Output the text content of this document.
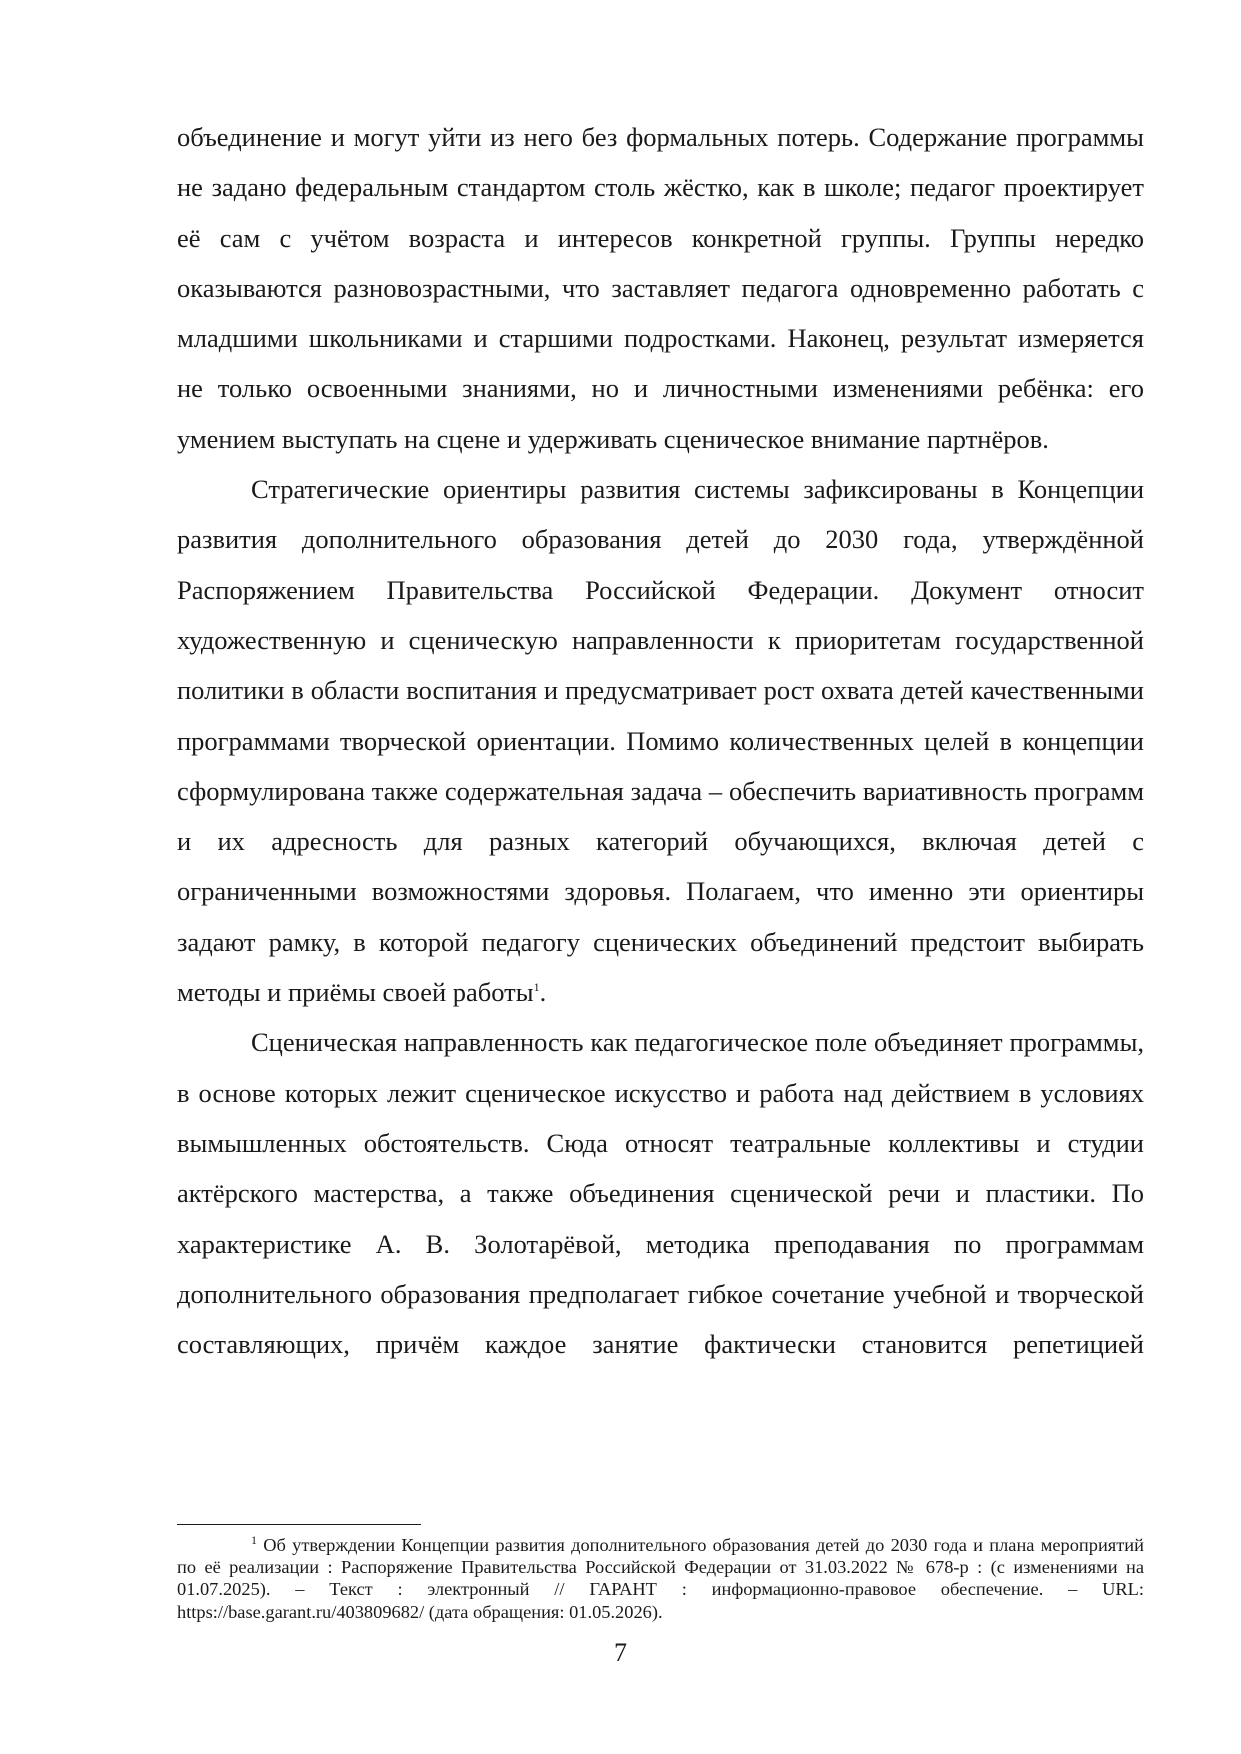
объединение и могут уйти из него без формальных потерь. Содержание программы не задано федеральным стандартом столь жёстко, как в школе; педагог проектирует её сам с учётом возраста и интересов конкретной группы. Группы нередко оказываются разновозрастными, что заставляет педагога одновременно работать с младшими школьниками и старшими подростками. Наконец, результат измеряется не только освоенными знаниями, но и личностными изменениями ребёнка: его умением выступать на сцене и удерживать сценическое внимание партнёров.

Стратегические ориентиры развития системы зафиксированы в Концепции развития дополнительного образования детей до 2030 года, утверждённой Распоряжением Правительства Российской Федерации. Документ относит художественную и сценическую направленности к приоритетам государственной политики в области воспитания и предусматривает рост охвата детей качественными программами творческой ориентации. Помимо количественных целей в концепции сформулирована также содержательная задача – обеспечить вариативность программ и их адресность для разных категорий обучающихся, включая детей с ограниченными возможностями здоровья. Полагаем, что именно эти ориентиры задают рамку, в которой педагогу сценических объединений предстоит выбирать методы и приёмы своей работы$^1$.

Сценическая направленность как педагогическое поле объединяет программы, в основе которых лежит сценическое искусство и работа над действием в условиях вымышленных обстоятельств. Сюда относят театральные коллективы и студии актёрского мастерства, а также объединения сценической речи и пластики. По характеристике А. В. Золотарёвой, методика преподавания по программам дополнительного образования предполагает гибкое сочетание учебной и творческой составляющих, причём каждое занятие фактически становится репетицией

$^1$ Об утверждении Концепции развития дополнительного образования детей до 2030 года и плана мероприятий по её реализации : Распоряжение Правительства Российской Федерации от 31.03.2022 № 678-р : (с изменениями на 01.07.2025). – Текст : электронный // ГАРАНТ : информационно-правовое обеспечение. – URL: https://base.garant.ru/403809682/ (дата обращения: 01.05.2026).
7
